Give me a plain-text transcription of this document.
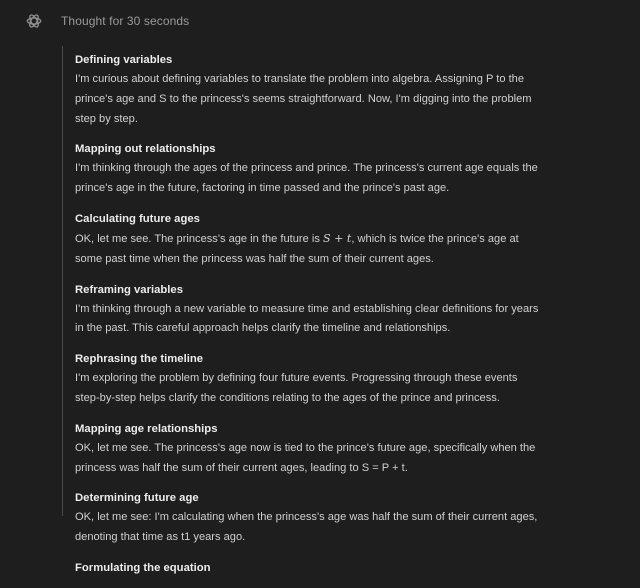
Thought for 30 seconds
Defining variables
I'm curious about defining variables to translate the problem into algebra. Assigning P to the
prince's age and S to the princess's seems straightforward. Now, I'm digging into the problem
step by step.
Mapping out relationships
I'm thinking through the ages of the princess and prince. The princess's current age equals the
prince's age in the future, factoring in time passed and the prince's past age.
Calculating future ages
OK, let me see. The princess's age in the future is S + t, which is twice the prince's age at
some past time when the princess was half the sum of their current ages.
Reframing variables
I'm thinking through a new variable to measure time and establishing clear definitions for years
in the past. This careful approach helps clarify the timeline and relationships.
Rephrasing the timeline
I'm exploring the problem by defining four future events. Progressing through these events
step-by-step helps clarify the conditions relating to the ages of the prince and princess.
Mapping age relationships
OK, let me see. The princess's age now is tied to the prince's future age, specifically when the
princess was half the sum of their current ages, leading to S = P + t.
Determining future age
OK, let me see: I'm calculating when the princess's age was half the sum of their current ages,
denoting that time as t1 years ago.
Formulating the equation
